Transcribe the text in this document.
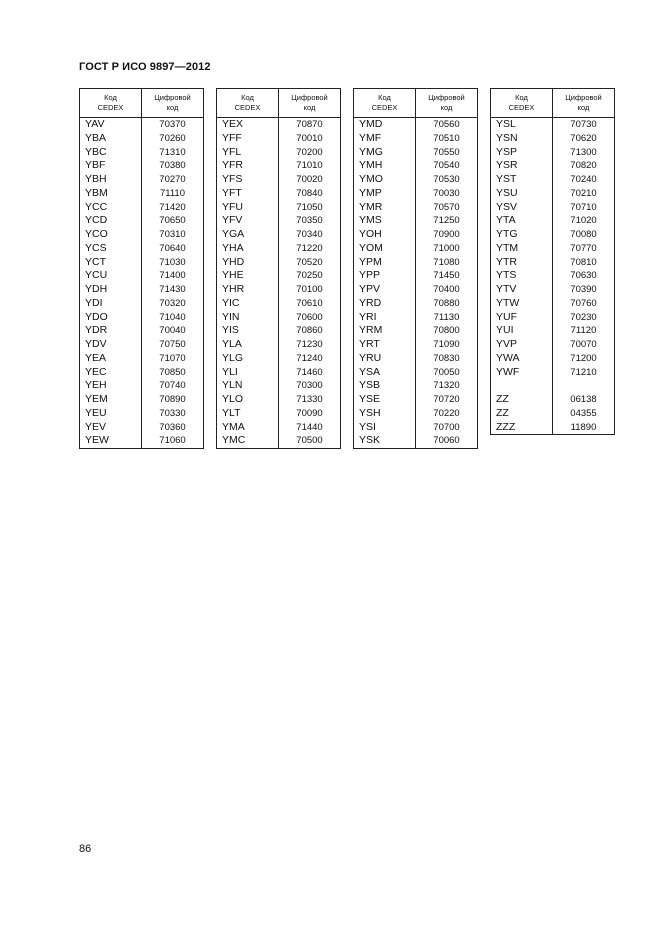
ГОСТ Р ИСО 9897—2012
Код
CEDEX	Цифровой
код
YAV	70370
YBA	70260
YBC	71310
YBF	70380
YBH	70270
YBM	71110
YCC	71420
YCD	70650
YCO	70310
YCS	70640
YCT	71030
YCU	71400
YDH	71430
YDI	70320
YDO	71040
YDR	70040
YDV	70750
YEA	71070
YEC	70850
YEH	70740
YEM	70890
YEU	70330
YEV	70360
YEW	71060
Код
CEDEX	Цифровой
код
YEX	70870
YFF	70010
YFL	70200
YFR	71010
YFS	70020
YFT	70840
YFU	71050
YFV	70350
YGA	70340
YHA	71220
YHD	70520
YHE	70250
YHR	70100
YIC	70610
YIN	70600
YIS	70860
YLA	71230
YLG	71240
YLI	71460
YLN	70300
YLO	71330
YLT	70090
YMA	71440
YMC	70500
Код
CEDEX	Цифровой
код
YMD	70560
YMF	70510
YMG	70550
YMH	70540
YMO	70530
YMP	70030
YMR	70570
YMS	71250
YOH	70900
YOM	71000
YPM	71080
YPP	71450
YPV	70400
YRD	70880
YRI	71130
YRM	70800
YRT	71090
YRU	70830
YSA	70050
YSB	71320
YSE	70720
YSH	70220
YSI	70700
YSK	70060
Код
CEDEX	Цифровой
код
YSL	70730
YSN	70620
YSP	71300
YSR	70820
YST	70240
YSU	70210
YSV	70710
YTA	71020
YTG	70080
YTM	70770
YTR	70810
YTS	70630
YTV	70390
YTW	70760
YUF	70230
YUI	71120
YVP	70070
YWA	71200
YWF	71210

ZZ	06138
ZZ	04355
ZZZ	11890
86
